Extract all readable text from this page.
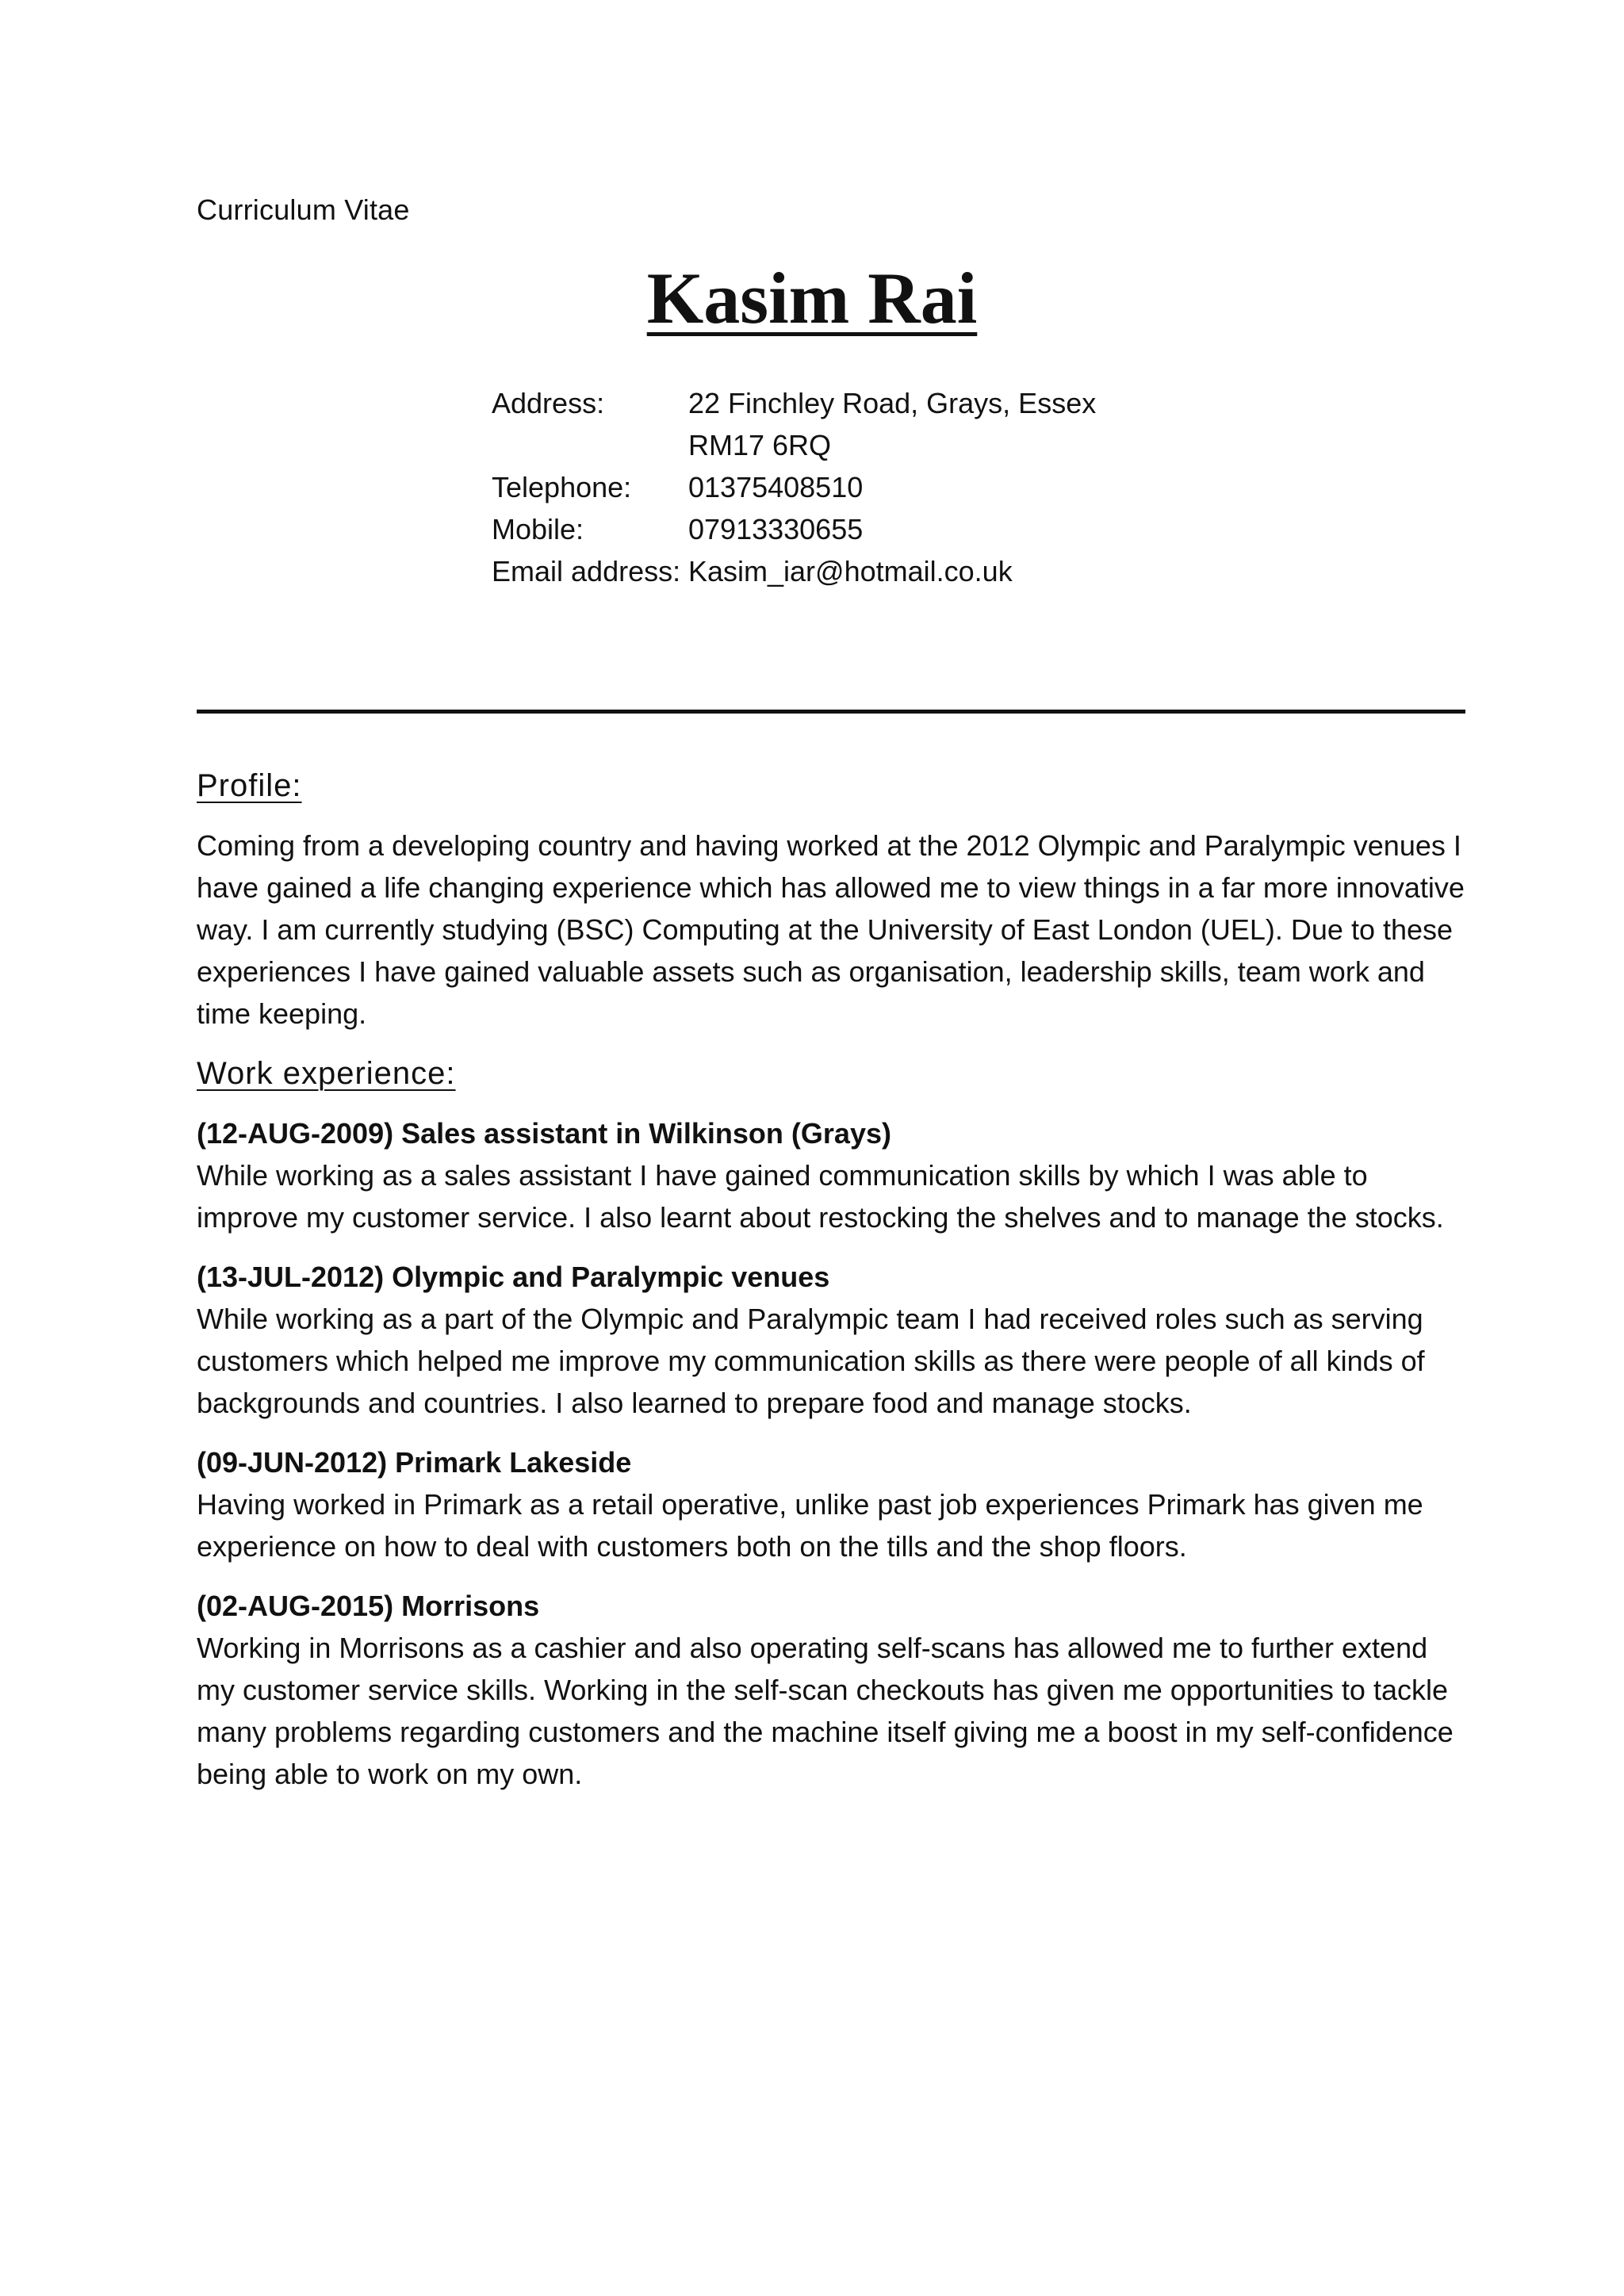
Curriculum Vitae
Kasim Rai
Address:	22 Finchley Road, Grays, Essex
RM17 6RQ
Telephone:	01375408510
Mobile:	07913330655
Email address: Kasim_iar@hotmail.co.uk
Profile:

Coming from a developing country and having worked at the 2012 Olympic and Paralympic venues I have gained a life changing experience which has allowed me to view things in a far more innovative way. I am currently studying (BSC) Computing at the University of East London (UEL). Due to these experiences I have gained valuable assets such as organisation, leadership skills, team work and time keeping.

Work experience:

(12-AUG-2009) Sales assistant in Wilkinson (Grays)

While working as a sales assistant I have gained communication skills by which I was able to improve my customer service. I also learnt about restocking the shelves and to manage the stocks.

(13-JUL-2012) Olympic and Paralympic venues

While working as a part of the Olympic and Paralympic team I had received roles such as serving customers which helped me improve my communication skills as there were people of all kinds of backgrounds and countries. I also learned to prepare food and manage stocks.

(09-JUN-2012) Primark Lakeside

Having worked in Primark as a retail operative, unlike past job experiences Primark has given me experience on how to deal with customers both on the tills and the shop floors.

(02-AUG-2015) Morrisons

Working in Morrisons as a cashier and also operating self-scans has allowed me to further extend my customer service skills. Working in the self-scan checkouts has given me opportunities to tackle many problems regarding customers and the machine itself giving me a boost in my self-confidence being able to work on my own.
